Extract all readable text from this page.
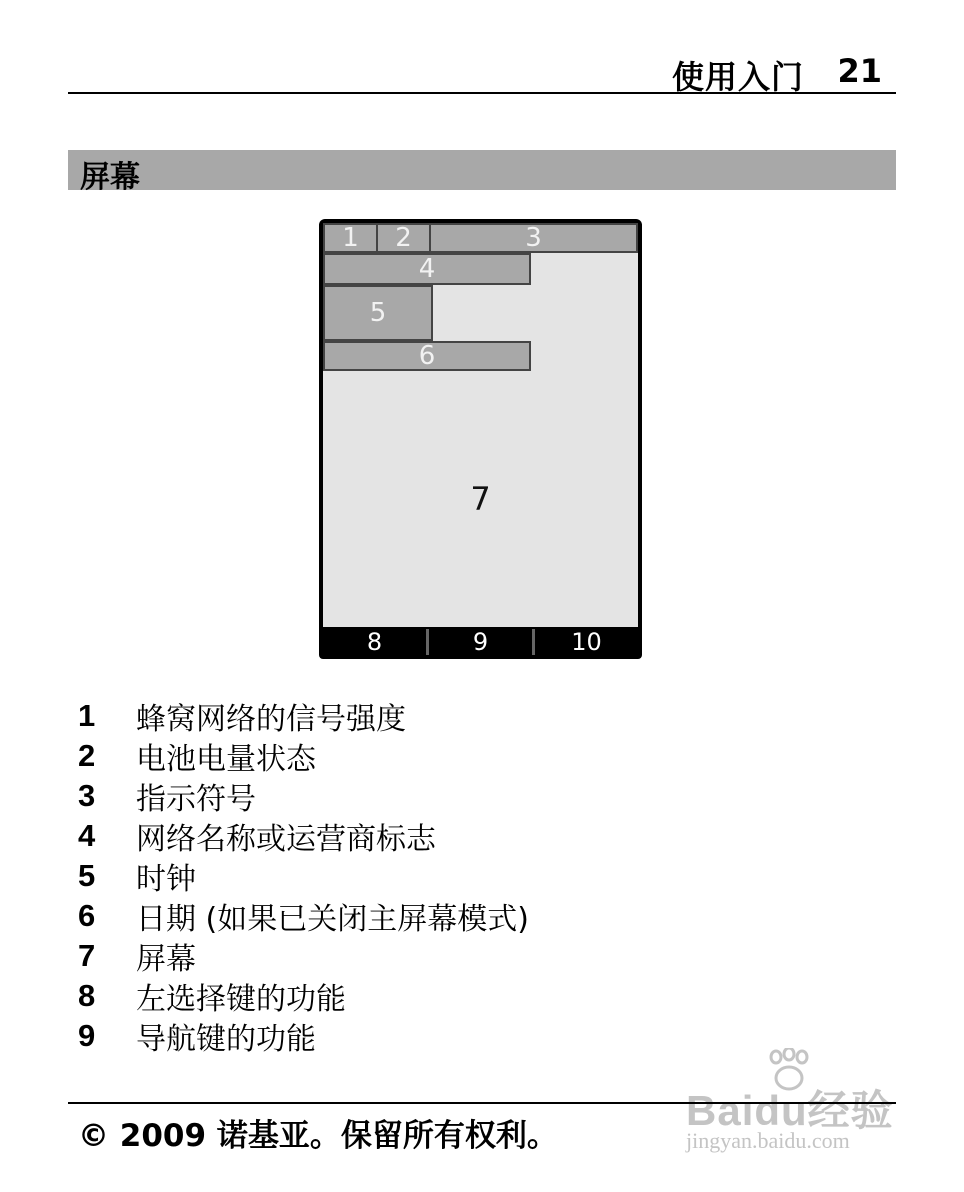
使用入门 21
屏幕
1	2	3
4
5
6
7
8	9	10
1	蜂窝网络的信号强度
2	电池电量状态
3	指示符号
4	网络名称或运营商标志
5	时钟
6	日期 (如果已关闭主屏幕模式)
7	屏幕
8	左选择键的功能
9	导航键的功能
Baidu经验
jingyan.baidu.com
© 2009 诺基亚。保留所有权利。
